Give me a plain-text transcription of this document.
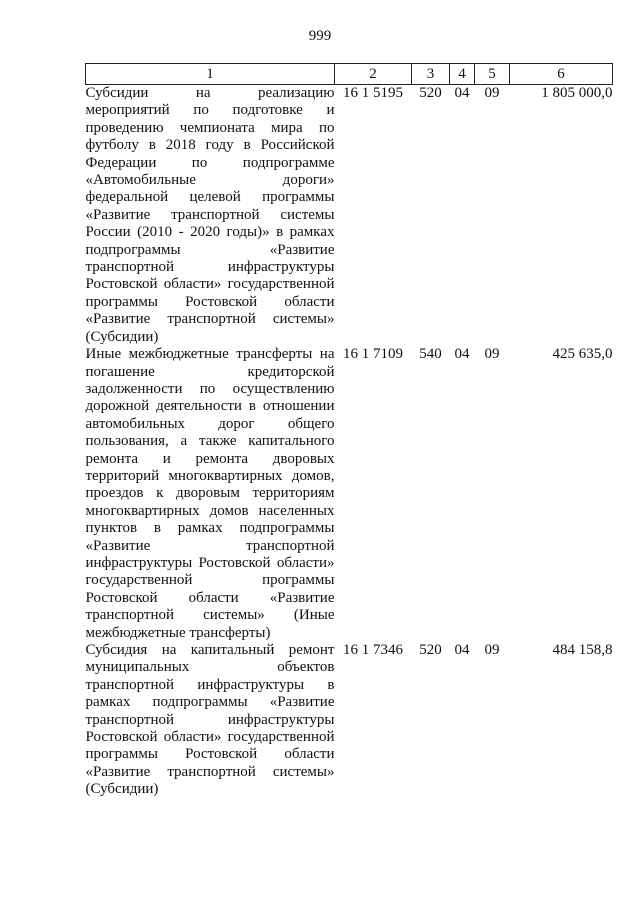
999
1	2	3	4	5	6
Субсидии на реализацию мероприятий по подготовке и проведению чемпионата мира по футболу в 2018 году в Российской Федерации по подпрограмме «Автомобильные дороги» федеральной целевой программы «Развитие транспортной системы России (2010 - 2020 годы)» в рамках подпрограммы «Развитие транспортной инфраструктуры Ростовской области» государственной программы Ростовской области «Развитие транспортной системы» (Субсидии)	16 1 5195	520	04	09	1 805 000,0
Иные межбюджетные трансферты на погашение кредиторской задолженности по осуществлению дорожной деятельности в отношении автомобильных дорог общего пользования, а также капитального ремонта и ремонта дворовых территорий многоквартирных домов, проездов к дворовым территориям многоквартирных домов населенных пунктов в рамках подпрограммы «Развитие транспортной инфраструктуры Ростовской области» государственной программы Ростовской области «Развитие транспортной системы» (Иные межбюджетные трансферты)	16 1 7109	540	04	09	425 635,0
Субсидия на капитальный ремонт муниципальных объектов транспортной инфраструктуры в рамках подпрограммы «Развитие транспортной инфраструктуры Ростовской области» государственной программы Ростовской области «Развитие транспортной системы» (Субсидии)	16 1 7346	520	04	09	484 158,8
